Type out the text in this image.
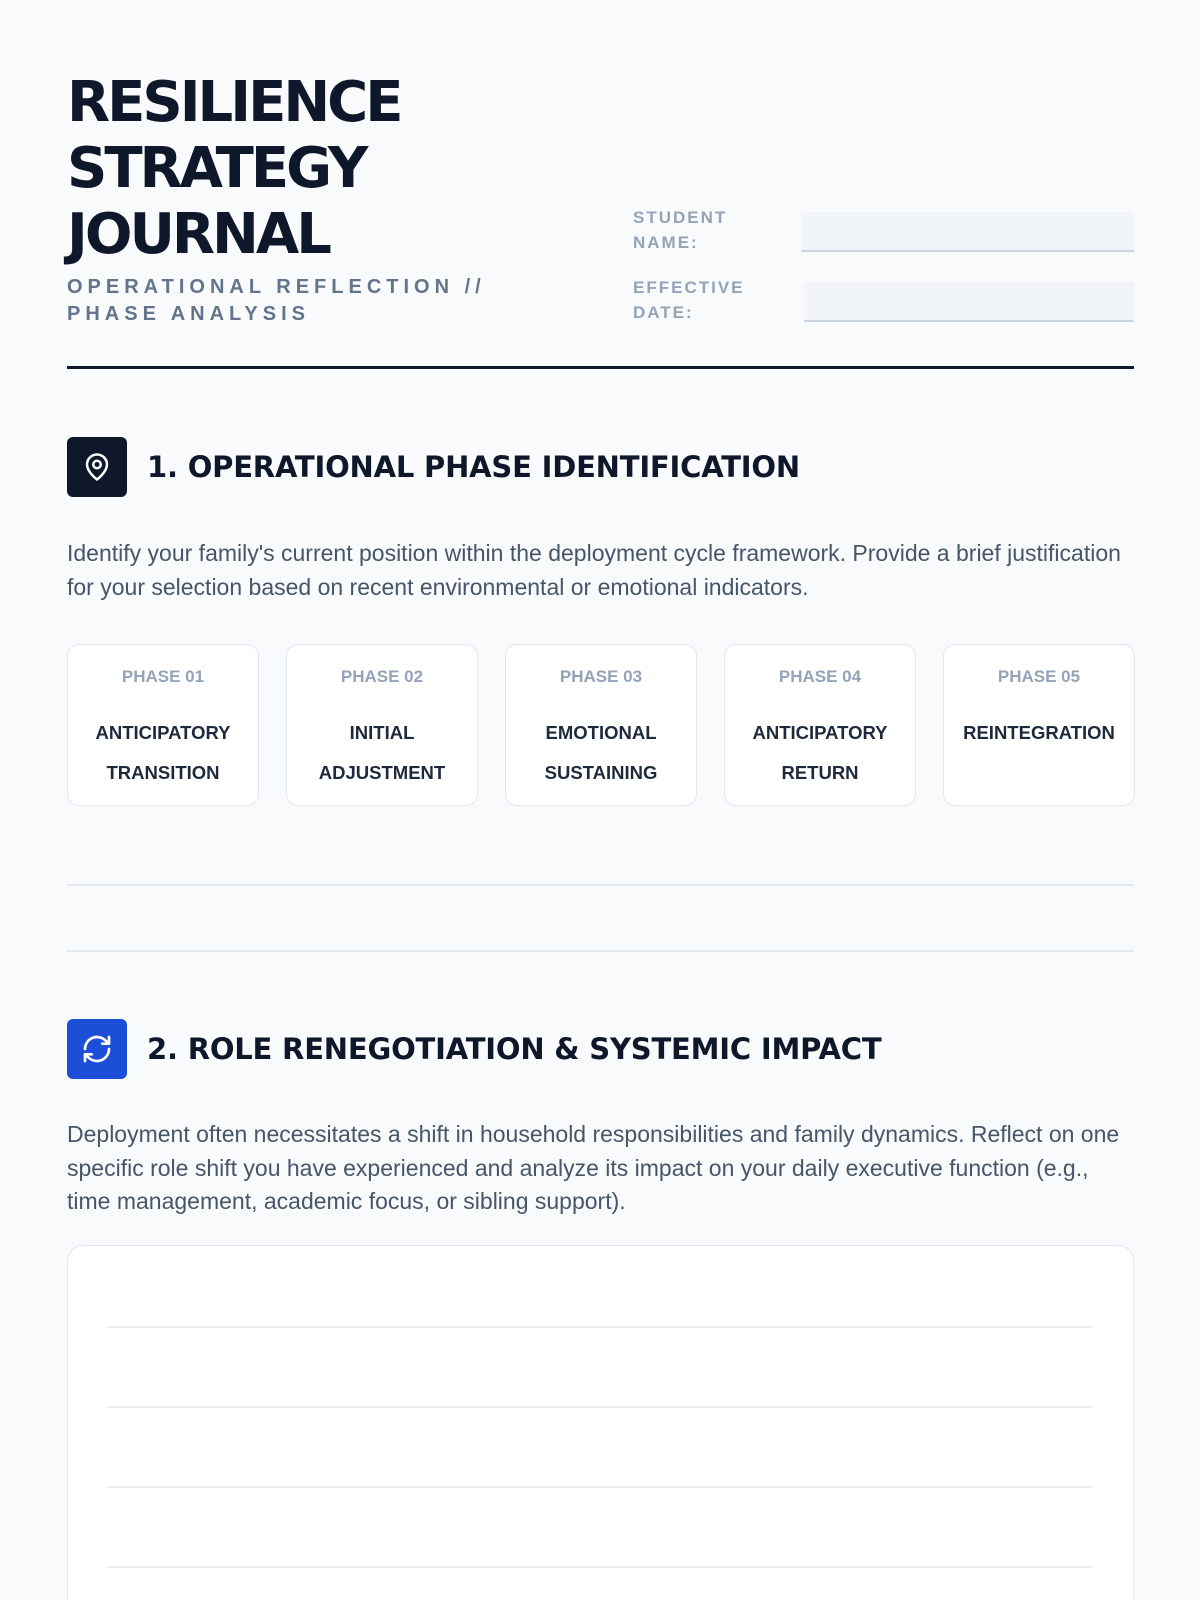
RESILIENCE STRATEGY JOURNAL
OPERATIONAL REFLECTION // PHASE ANALYSIS
STUDENT NAME:
EFFECTIVE DATE:
1. OPERATIONAL PHASE IDENTIFICATION

Identify your family's current position within the deployment cycle framework. Provide a brief justification for your selection based on recent environmental or emotional indicators.

PHASE 01
ANTICIPATORY TRANSITION
PHASE 02
INITIAL ADJUSTMENT
PHASE 03
EMOTIONAL SUSTAINING
PHASE 04
ANTICIPATORY RETURN
PHASE 05
REINTEGRATION
2. ROLE RENEGOTIATION & SYSTEMIC IMPACT

Deployment often necessitates a shift in household responsibilities and family dynamics. Reflect on one specific role shift you have experienced and analyze its impact on your daily executive function (e.g., time management, academic focus, or sibling support).
